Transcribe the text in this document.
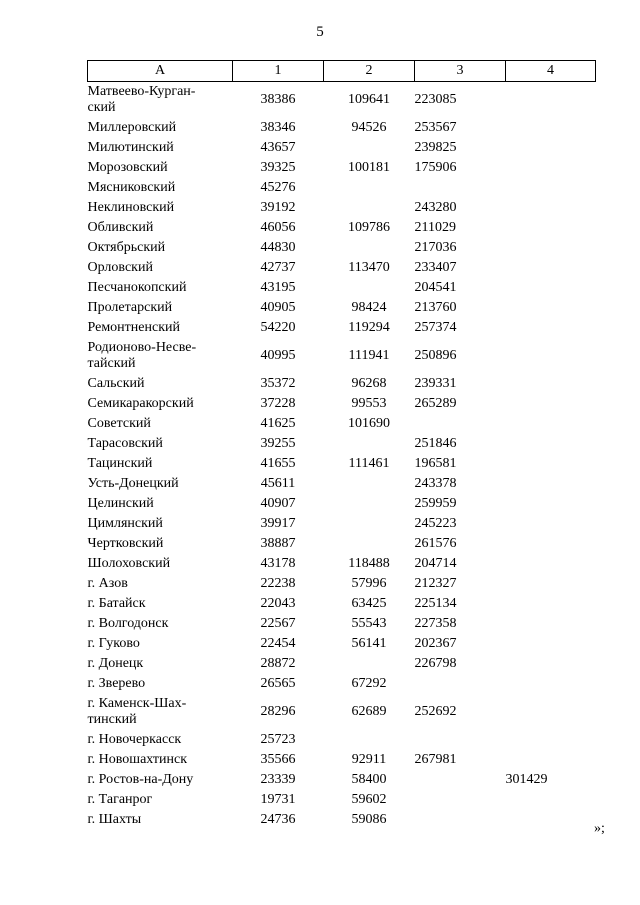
5
А	1	2	3	4
Матвеево-Курган-
ский	38386	109641	223085	
Миллеровский	38346	94526	253567	
Милютинский	43657		239825	
Морозовский	39325	100181	175906	
Мясниковский	45276			
Неклиновский	39192		243280	
Обливский	46056	109786	211029	
Октябрьский	44830		217036	
Орловский	42737	113470	233407	
Песчанокопский	43195		204541	
Пролетарский	40905	98424	213760	
Ремонтненский	54220	119294	257374	
Родионово-Несве-
тайский	40995	111941	250896	
Сальский	35372	96268	239331	
Семикаракорский	37228	99553	265289	
Советский	41625	101690		
Тарасовский	39255		251846	
Тацинский	41655	111461	196581	
Усть-Донецкий	45611		243378	
Целинский	40907		259959	
Цимлянский	39917		245223	
Чертковский	38887		261576	
Шолоховский	43178	118488	204714	
г. Азов	22238	57996	212327	
г. Батайск	22043	63425	225134	
г. Волгодонск	22567	55543	227358	
г. Гуково	22454	56141	202367	
г. Донецк	28872		226798	
г. Зверево	26565	67292		
г. Каменск-Шах-
тинский	28296	62689	252692	
г. Новочеркасск	25723			
г. Новошахтинск	35566	92911	267981	
г. Ростов-на-Дону	23339	58400		301429
г. Таганрог	19731	59602		
г. Шахты	24736	59086		
»;
